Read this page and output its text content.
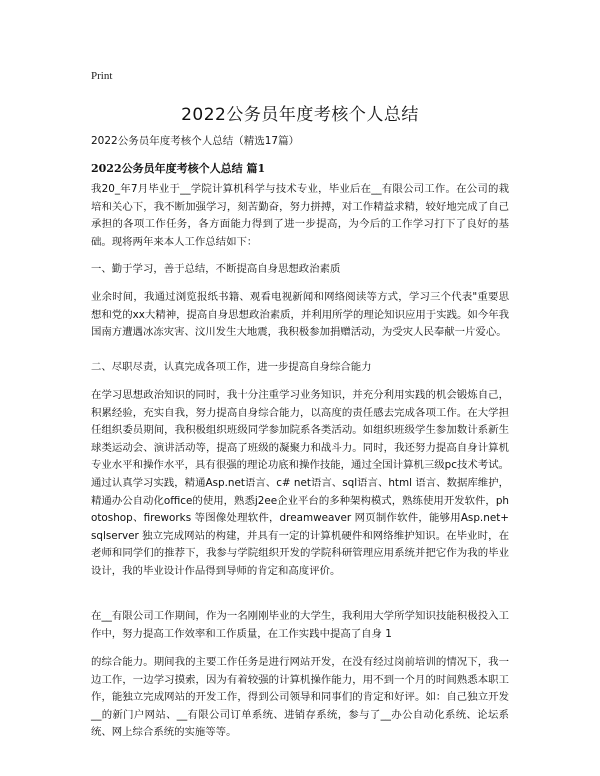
Print
2022公务员年度考核个人总结
2022公务员年度考核个人总结（精选17篇）
2022公务员年度考核个人总结 篇1

我20_年7月毕业于__学院计算机科学与技术专业，毕业后在__有限公司工作。在公司的栽培和关心下，我不断加强学习，刻苦勤奋，努力拼搏，对工作精益求精，较好地完成了自己承担的各项工作任务，各方面能力得到了进一步提高，为今后的工作学习打下了良好的基础。现将两年来本人工作总结如下：

一、勤于学习，善于总结，不断提高自身思想政治素质

业余时间，我通过浏览报纸书籍、观看电视新闻和网络阅读等方式，学习三个代表"重要思想和党的xx大精神，提高自身思想政治素质，并利用所学的理论知识应用于实践。如今年我国南方遭遇冰冻灾害、汶川发生大地震，我积极参加捐赠活动，为受灾人民奉献一片爱心。

二、尽职尽责，认真完成各项工作，进一步提高自身综合能力

在学习思想政治知识的同时，我十分注重学习业务知识，并充分利用实践的机会锻炼自己，积累经验，充实自我，努力提高自身综合能力，以高度的责任感去完成各项工作。在大学担任组织委员期间，我积极组织班级同学参加院系各类活动。如组织班级学生参加数计系新生球类运动会、演讲活动等，提高了班级的凝聚力和战斗力。同时，我还努力提高自身计算机专业水平和操作水平，具有很强的理论功底和操作技能，通过全国计算机三级pc技术考试。通过认真学习实践，精通Asp.net语言、c# net语言、sql语言、html 语言、数据库维护，精通办公自动化office的使用，熟悉j2ee企业平台的多种架构模式，熟练使用开发软件，photoshop、fireworks 等图像处理软件，dreamweaver 网页制作软件，能够用Asp.net+sqlserver 独立完成网站的构建，并具有一定的计算机硬件和网络维护知识。在毕业时，在老师和同学们的推荐下，我参与学院组织开发的学院科研管理应用系统并把它作为我的毕业设计，我的毕业设计作品得到导师的肯定和高度评价。

在__有限公司工作期间，作为一名刚刚毕业的大学生，我利用大学所学知识技能积极投入工作中，努力提高工作效率和工作质量，在工作实践中提高了自身 1

的综合能力。期间我的主要工作任务是进行网站开发，在没有经过岗前培训的情况下，我一边工作，一边学习摸索，因为有着较强的计算机操作能力，用不到一个月的时间熟悉本职工作，能独立完成网站的开发工作，得到公司领导和同事们的肯定和好评。如：自己独立开发__的新门户网站、__有限公司订单系统、进销存系统，参与了__办公自动化系统、论坛系统、网上综合系统的实施等等。
